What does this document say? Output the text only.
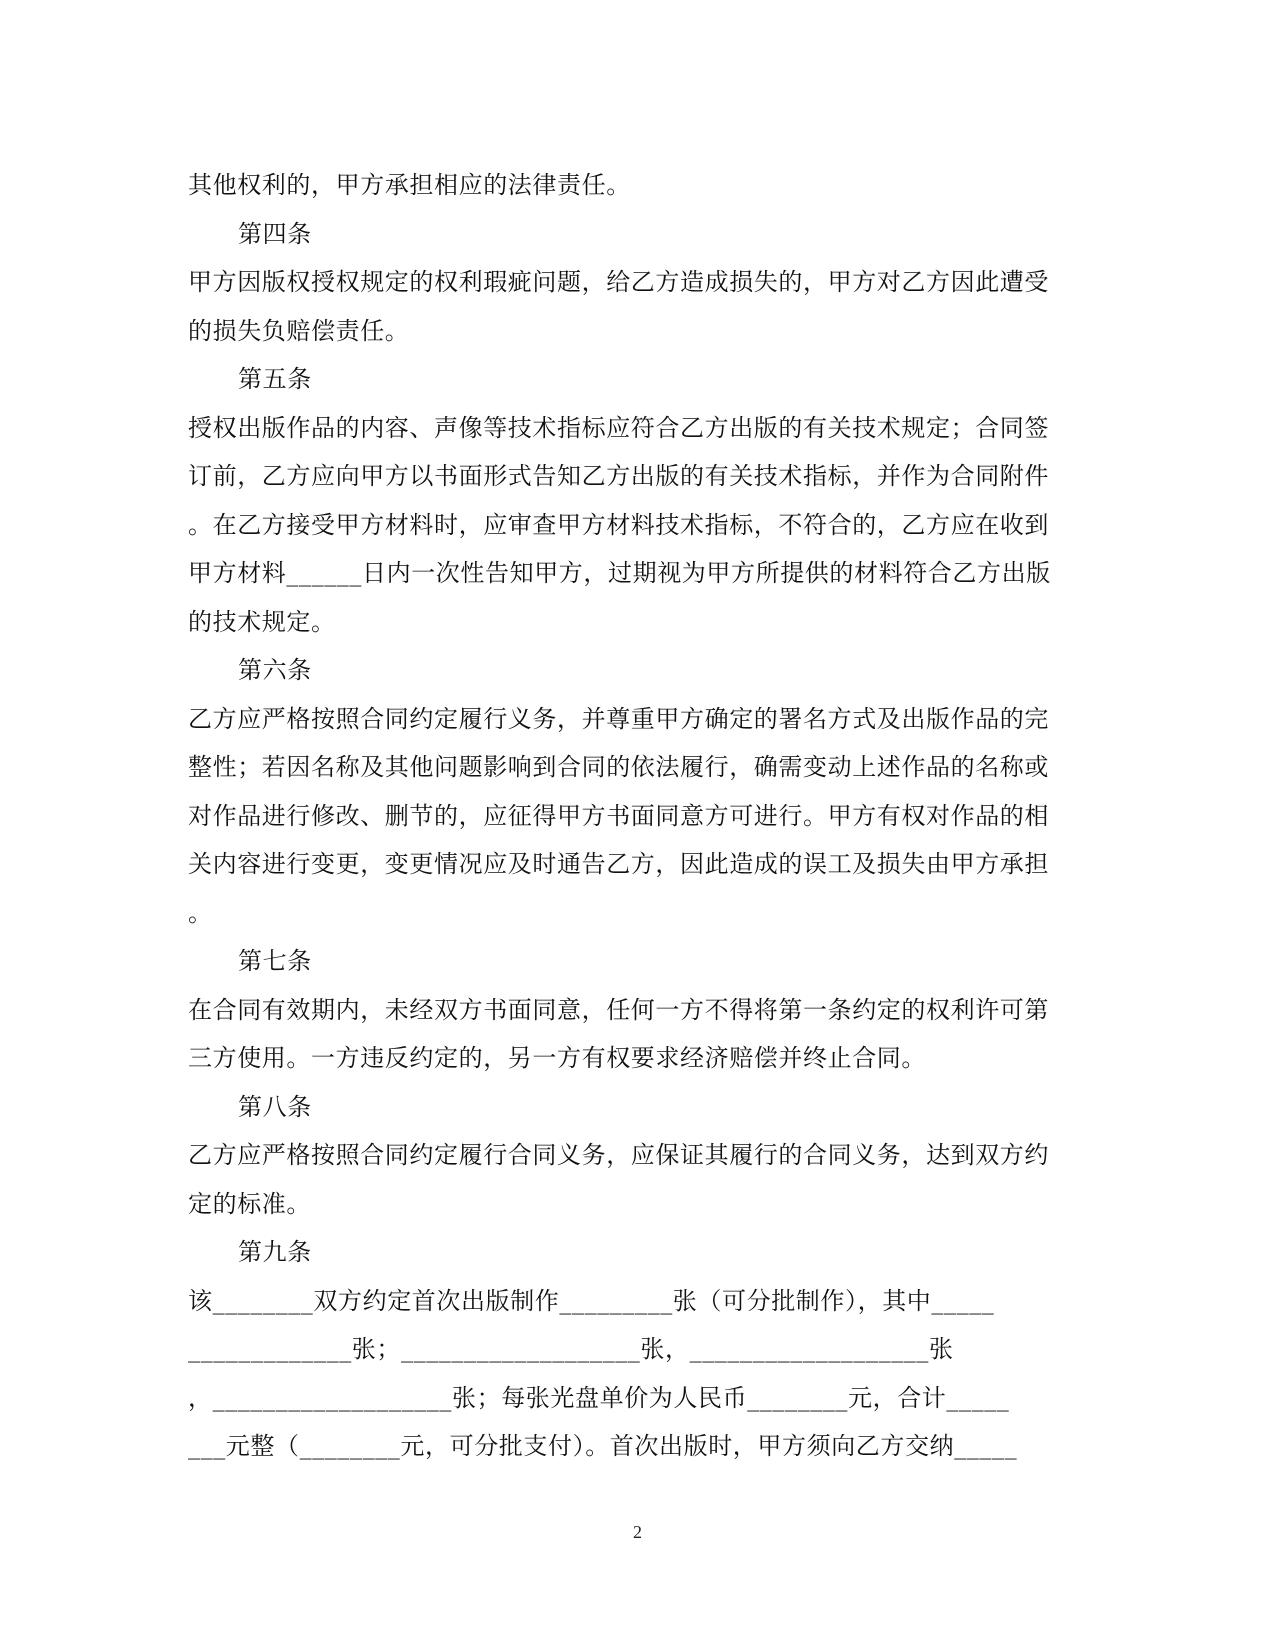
其他权利的，甲方承担相应的法律责任。
第四条
甲方因版权授权规定的权利瑕疵问题，给乙方造成损失的，甲方对乙方因此遭受
的损失负赔偿责任。
第五条
授权出版作品的内容、声像等技术指标应符合乙方出版的有关技术规定；合同签
订前，乙方应向甲方以书面形式告知乙方出版的有关技术指标，并作为合同附件
。在乙方接受甲方材料时，应审查甲方材料技术指标，不符合的，乙方应在收到
甲方材料______日内一次性告知甲方，过期视为甲方所提供的材料符合乙方出版
的技术规定。
第六条
乙方应严格按照合同约定履行义务，并尊重甲方确定的署名方式及出版作品的完
整性；若因名称及其他问题影响到合同的依法履行，确需变动上述作品的名称或
对作品进行修改、删节的，应征得甲方书面同意方可进行。甲方有权对作品的相
关内容进行变更，变更情况应及时通告乙方，因此造成的误工及损失由甲方承担
。
第七条
在合同有效期内，未经双方书面同意，任何一方不得将第一条约定的权利许可第
三方使用。一方违反约定的，另一方有权要求经济赔偿并终止合同。
第八条
乙方应严格按照合同约定履行合同义务，应保证其履行的合同义务，达到双方约
定的标准。
第九条
该________双方约定首次出版制作_________张（可分批制作），其中_____
_____________张；___________________张，___________________张
，___________________张；每张光盘单价为人民币________元，合计_____
___元整（________元，可分批支付）。首次出版时，甲方须向乙方交纳_____
2
